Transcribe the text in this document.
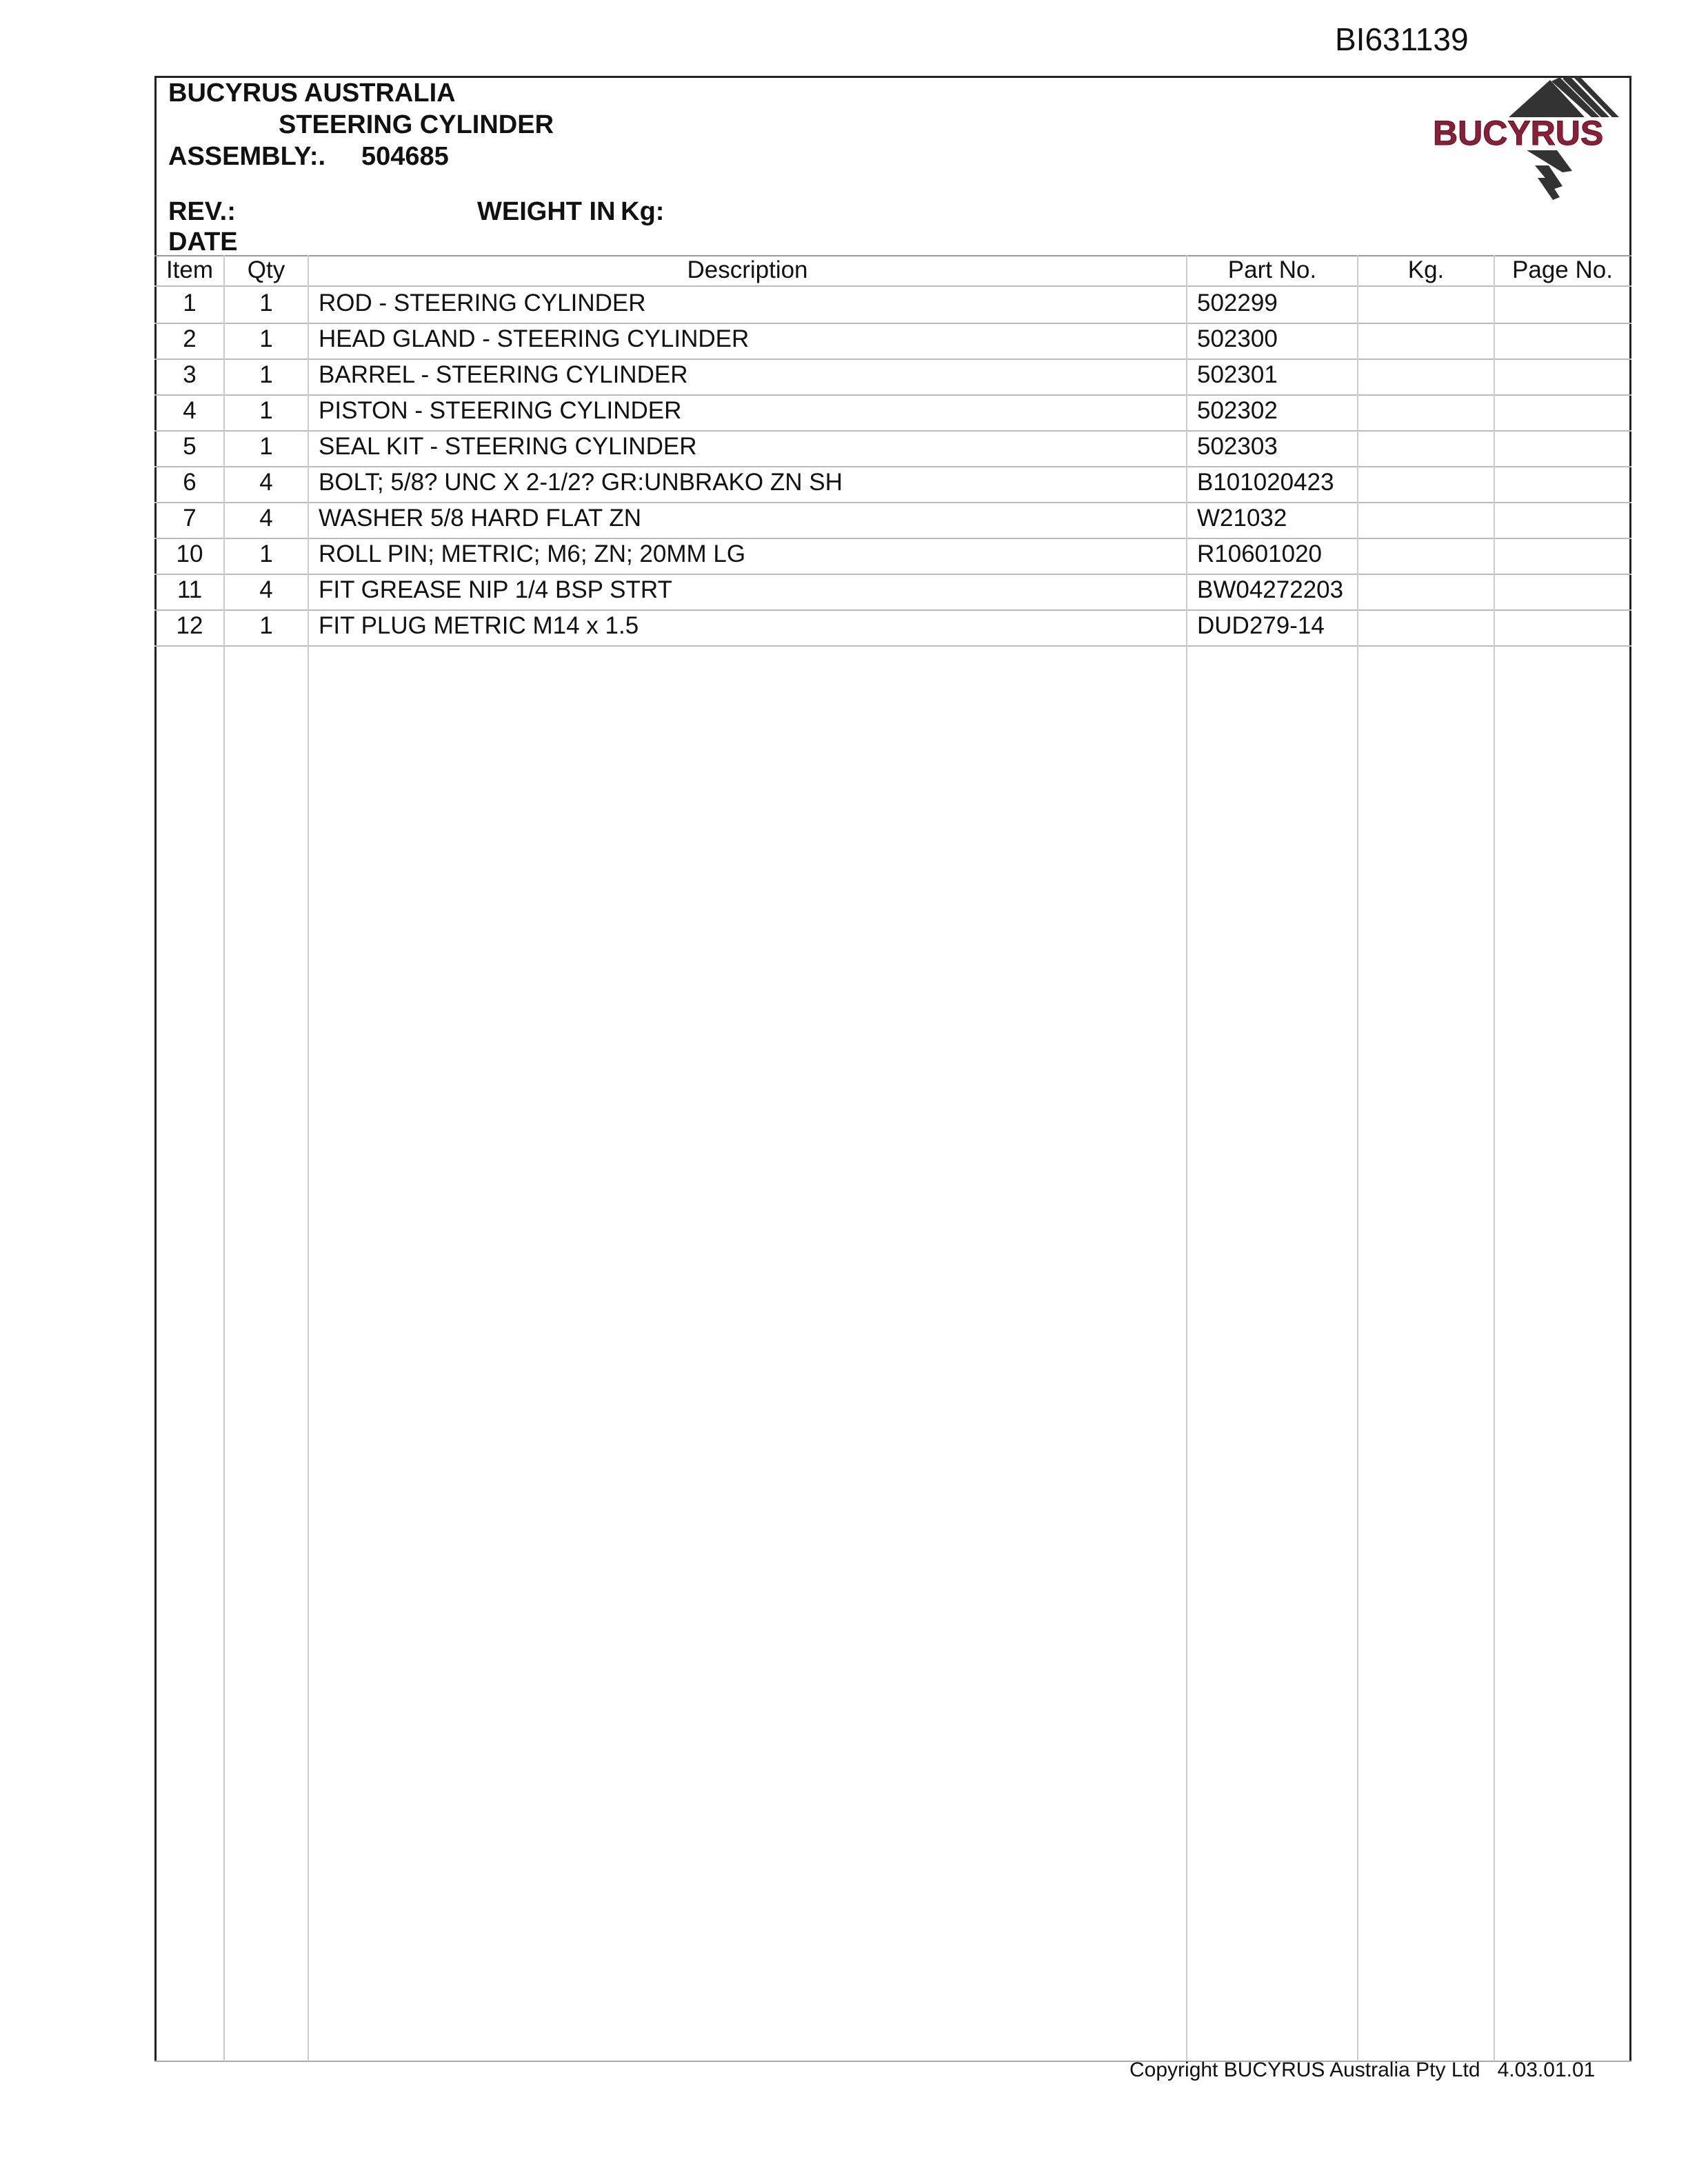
BI631139
BUCYRUS AUSTRALIA
STEERING CYLINDER
ASSEMBLY:. 504685
REV.:	WEIGHT IN Kg:
DATE
BUCYRUS
Item	Qty	Description	Part No.	Kg.	Page No.
1	1	ROD - STEERING CYLINDER	502299
2	1	HEAD GLAND - STEERING CYLINDER	502300
3	1	BARREL - STEERING CYLINDER	502301
4	1	PISTON - STEERING CYLINDER	502302
5	1	SEAL KIT - STEERING CYLINDER	502303
6	4	BOLT; 5/8? UNC X 2-1/2? GR:UNBRAKO ZN SH	B101020423
7	4	WASHER 5/8 HARD FLAT ZN	W21032
10	1	ROLL PIN; METRIC; M6; ZN; 20MM LG	R10601020
11	4	FIT GREASE NIP 1/4 BSP STRT	BW04272203
12	1	FIT PLUG METRIC M14 x 1.5	DUD279-14
Copyright BUCYRUS Australia Pty Ltd 4.03.01.01
